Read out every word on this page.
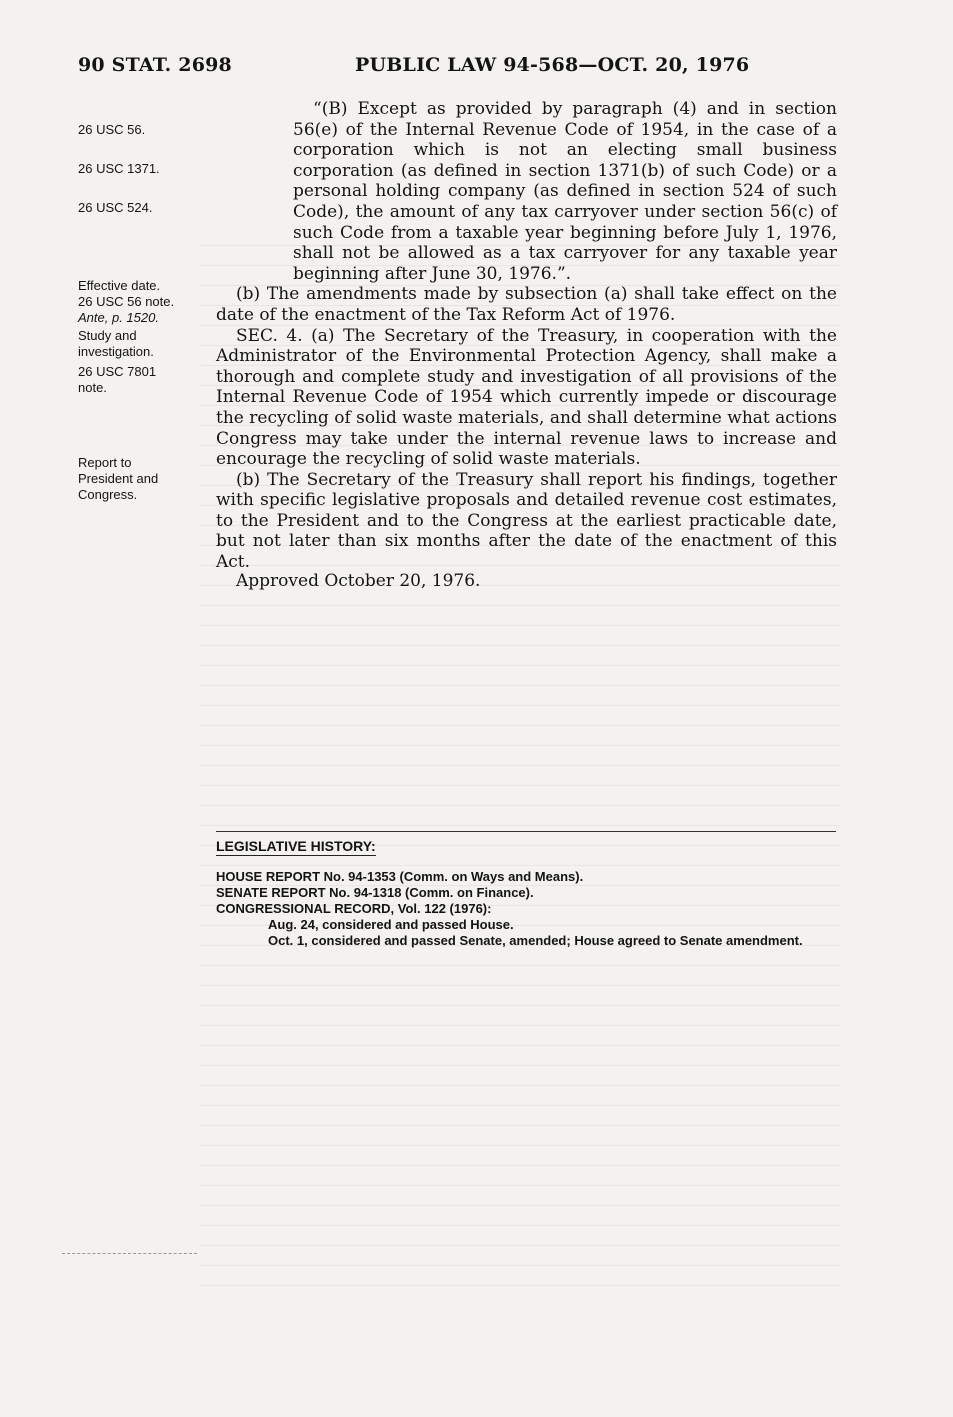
90 STAT. 2698	PUBLIC LAW 94-568—OCT. 20, 1976
26 USC 56.
26 USC 1371.
26 USC 524.
Effective date.
26 USC 56 note.
Ante, p. 1520.
Study and
investigation.
26 USC 7801
note.
Report to
President and
Congress.

“(B) Except as provided by paragraph (4) and in section 56(e) of the Internal Revenue Code of 1954, in the case of a corporation which is not an electing small business corporation (as defined in section 1371(b) of such Code) or a personal holding company (as defined in section 524 of such Code), the amount of any tax carryover under section 56(c) of such Code from a taxable year beginning before July 1, 1976, shall not be allowed as a tax carryover for any taxable year beginning after June 30, 1976.”.

(b) The amendments made by subsection (a) shall take effect on the date of the enactment of the Tax Reform Act of 1976.

SEC. 4. (a) The Secretary of the Treasury, in cooperation with the Administrator of the Environmental Protection Agency, shall make a thorough and complete study and investigation of all provisions of the Internal Revenue Code of 1954 which currently impede or discourage the recycling of solid waste materials, and shall determine what actions Congress may take under the internal revenue laws to increase and encourage the recycling of solid waste materials.

(b) The Secretary of the Treasury shall report his findings, together with specific legislative proposals and detailed revenue cost estimates, to the President and to the Congress at the earliest practicable date, but not later than six months after the date of the enactment of this Act.

Approved October 20, 1976.
LEGISLATIVE HISTORY:
HOUSE REPORT No. 94-1353 (Comm. on Ways and Means).
SENATE REPORT No. 94-1318 (Comm. on Finance).
CONGRESSIONAL RECORD, Vol. 122 (1976):
Aug. 24, considered and passed House.
Oct. 1, considered and passed Senate, amended; House agreed to Senate amendment.
